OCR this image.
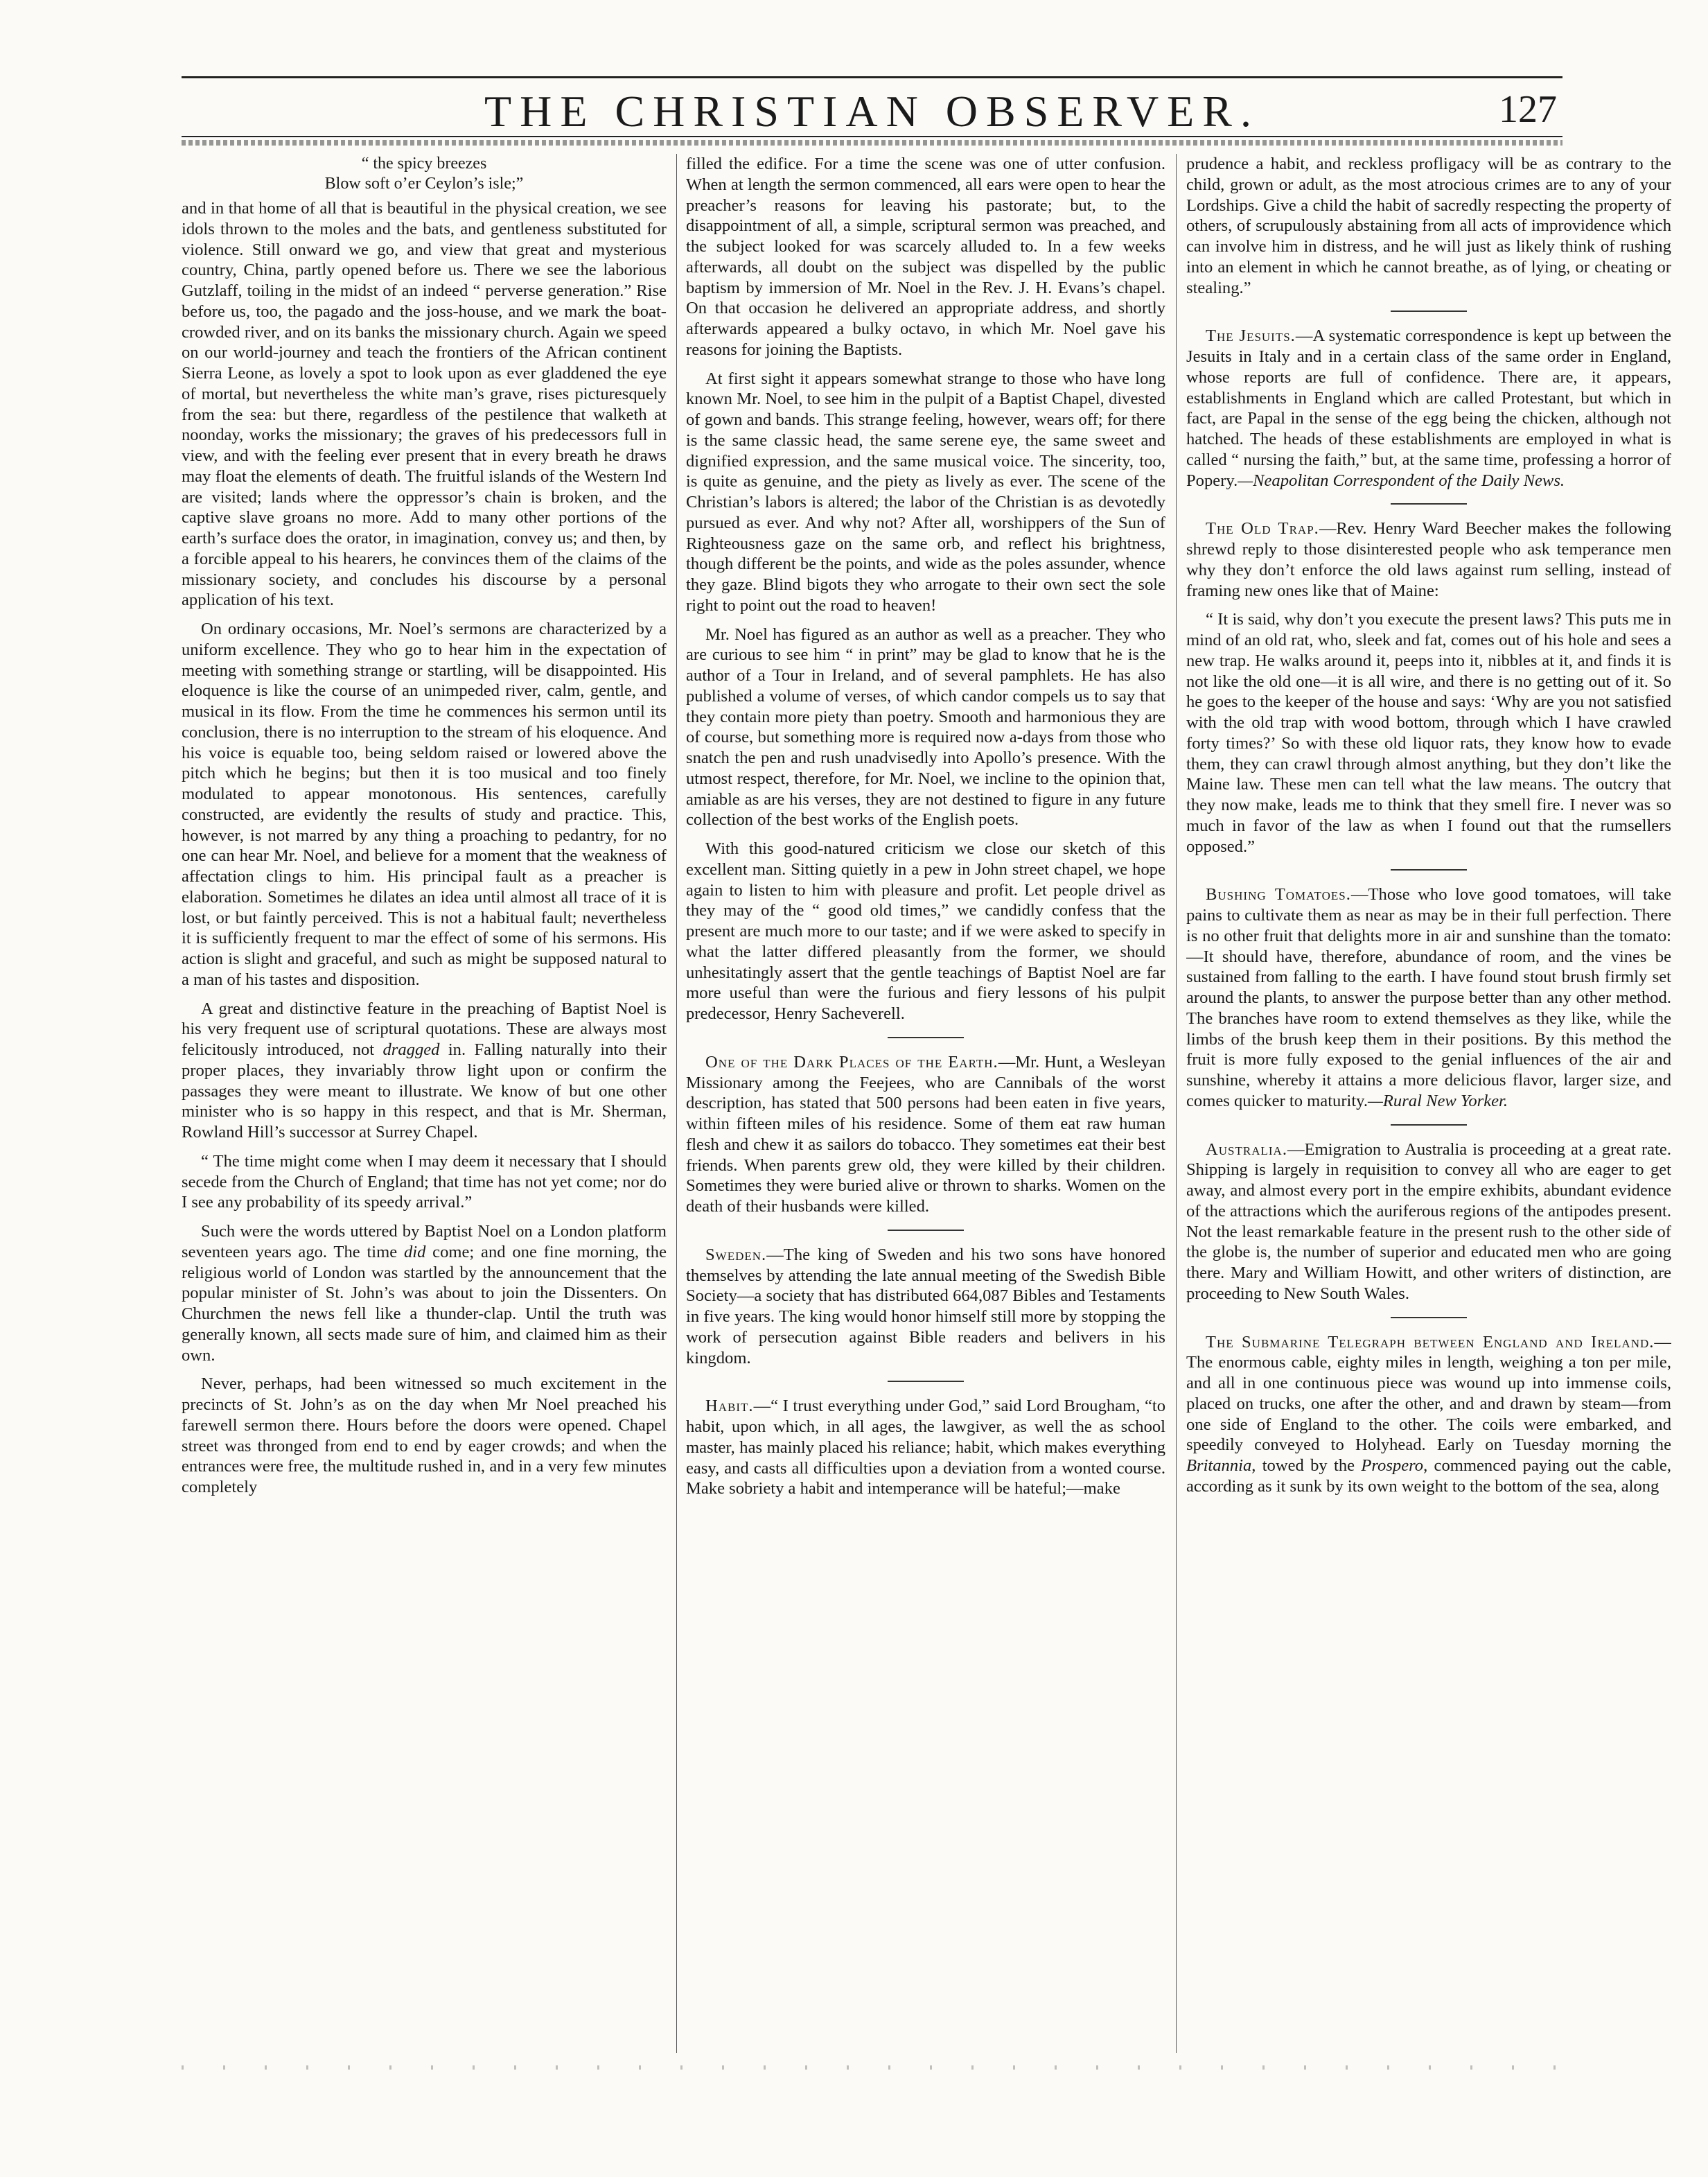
THE CHRISTIAN OBSERVER.	127
“ the spicy breezes
Blow soft o’er Ceylon’s isle;”

and in that home of all that is beautiful in the physical creation, we see idols thrown to the moles and the bats, and gentleness substituted for violence. Still onward we go, and view that great and mysterious country, China, partly opened before us. There we see the laborious Gutzlaff, toiling in the midst of an indeed “ perverse generation.” Rise before us, too, the pagado and the joss-house, and we mark the boat-crowded river, and on its banks the missionary church. Again we speed on our world-journey and teach the frontiers of the African continent Sierra Leone, as lovely a spot to look upon as ever gladdened the eye of mortal, but nevertheless the white man’s grave, rises picturesquely from the sea: but there, regardless of the pestilence that walketh at noonday, works the missionary; the graves of his predecessors full in view, and with the feeling ever present that in every breath he draws may float the elements of death. The fruitful islands of the Western Ind are visited; lands where the oppressor’s chain is broken, and the captive slave groans no more. Add to many other portions of the earth’s surface does the orator, in imagination, convey us; and then, by a forcible appeal to his hearers, he convinces them of the claims of the missionary society, and concludes his discourse by a personal application of his text.

On ordinary occasions, Mr. Noel’s sermons are characterized by a uniform excellence. They who go to hear him in the expectation of meeting with something strange or startling, will be disappointed. His eloquence is like the course of an unimpeded river, calm, gentle, and musical in its flow. From the time he commences his sermon until its conclusion, there is no interruption to the stream of his eloquence. And his voice is equable too, being seldom raised or lowered above the pitch which he begins; but then it is too musical and too finely modulated to appear monotonous. His sentences, carefully constructed, are evidently the results of study and practice. This, however, is not marred by any thing a proaching to pedantry, for no one can hear Mr. Noel, and believe for a moment that the weakness of affectation clings to him. His principal fault as a preacher is elaboration. Sometimes he dilates an idea until almost all trace of it is lost, or but faintly perceived. This is not a habitual fault; nevertheless it is sufficiently frequent to mar the effect of some of his sermons. His action is slight and graceful, and such as might be supposed natural to a man of his tastes and disposition.

A great and distinctive feature in the preaching of Baptist Noel is his very frequent use of scriptural quotations. These are always most felicitously introduced, not dragged in. Falling naturally into their proper places, they invariably throw light upon or confirm the passages they were meant to illustrate. We know of but one other minister who is so happy in this respect, and that is Mr. Sherman, Rowland Hill’s successor at Surrey Chapel.

“ The time might come when I may deem it necessary that I should secede from the Church of England; that time has not yet come; nor do I see any probability of its speedy arrival.”

Such were the words uttered by Baptist Noel on a London platform seventeen years ago. The time did come; and one fine morning, the religious world of London was startled by the announcement that the popular minister of St. John’s was about to join the Dissenters. On Churchmen the news fell like a thunder-clap. Until the truth was generally known, all sects made sure of him, and claimed him as their own.

Never, perhaps, had been witnessed so much excitement in the precincts of St. John’s as on the day when Mr Noel preached his farewell sermon there. Hours before the doors were opened. Chapel street was thronged from end to end by eager crowds; and when the entrances were free, the multitude rushed in, and in a very few minutes completely

filled the edifice. For a time the scene was one of utter confusion. When at length the sermon commenced, all ears were open to hear the preacher’s reasons for leaving his pastorate; but, to the disappointment of all, a simple, scriptural sermon was preached, and the subject looked for was scarcely alluded to. In a few weeks afterwards, all doubt on the subject was dispelled by the public baptism by immersion of Mr. Noel in the Rev. J. H. Evans’s chapel. On that occasion he delivered an appropriate address, and shortly afterwards appeared a bulky octavo, in which Mr. Noel gave his reasons for joining the Baptists.

At first sight it appears somewhat strange to those who have long known Mr. Noel, to see him in the pulpit of a Baptist Chapel, divested of gown and bands. This strange feeling, however, wears off; for there is the same classic head, the same serene eye, the same sweet and dignified expression, and the same musical voice. The sincerity, too, is quite as genuine, and the piety as lively as ever. The scene of the Christian’s labors is altered; the labor of the Christian is as devotedly pursued as ever. And why not? After all, worshippers of the Sun of Righteousness gaze on the same orb, and reflect his brightness, though different be the points, and wide as the poles assunder, whence they gaze. Blind bigots they who arrogate to their own sect the sole right to point out the road to heaven!

Mr. Noel has figured as an author as well as a preacher. They who are curious to see him “ in print” may be glad to know that he is the author of a Tour in Ireland, and of several pamphlets. He has also published a volume of verses, of which candor compels us to say that they contain more piety than poetry. Smooth and harmonious they are of course, but something more is required now a-days from those who snatch the pen and rush unadvisedly into Apollo’s presence. With the utmost respect, therefore, for Mr. Noel, we incline to the opinion that, amiable as are his verses, they are not destined to figure in any future collection of the best works of the English poets.

With this good-natured criticism we close our sketch of this excellent man. Sitting quietly in a pew in John street chapel, we hope again to listen to him with pleasure and profit. Let people drivel as they may of the “ good old times,” we candidly confess that the present are much more to our taste; and if we were asked to specify in what the latter differed pleasantly from the former, we should unhesitatingly assert that the gentle teachings of Baptist Noel are far more useful than were the furious and fiery lessons of his pulpit predecessor, Henry Sacheverell.

One of the Dark Places of the Earth.—Mr. Hunt, a Wesleyan Missionary among the Feejees, who are Cannibals of the worst description, has stated that 500 persons had been eaten in five years, within fifteen miles of his residence. Some of them eat raw human flesh and chew it as sailors do tobacco. They sometimes eat their best friends. When parents grew old, they were killed by their children. Sometimes they were buried alive or thrown to sharks. Women on the death of their husbands were killed.

Sweden.—The king of Sweden and his two sons have honored themselves by attending the late annual meeting of the Swedish Bible Society—a society that has distributed 664,087 Bibles and Testaments in five years. The king would honor himself still more by stopping the work of persecution against Bible readers and belivers in his kingdom.

Habit.—“ I trust everything under God,” said Lord Brougham, “to habit, upon which, in all ages, the lawgiver, as well the as school master, has mainly placed his reliance; habit, which makes everything easy, and casts all difficulties upon a deviation from a wonted course. Make sobriety a habit and intemperance will be hateful;—make

prudence a habit, and reckless profligacy will be as contrary to the child, grown or adult, as the most atrocious crimes are to any of your Lordships. Give a child the habit of sacredly respecting the property of others, of scrupulously abstaining from all acts of improvidence which can involve him in distress, and he will just as likely think of rushing into an element in which he cannot breathe, as of lying, or cheating or stealing.”

The Jesuits.—A systematic correspondence is kept up between the Jesuits in Italy and in a certain class of the same order in England, whose reports are full of confidence. There are, it appears, establishments in England which are called Protestant, but which in fact, are Papal in the sense of the egg being the chicken, although not hatched. The heads of these establishments are employed in what is called “ nursing the faith,” but, at the same time, professing a horror of Popery.—Neapolitan Correspondent of the Daily News.

The Old Trap.—Rev. Henry Ward Beecher makes the following shrewd reply to those disinterested people who ask temperance men why they don’t enforce the old laws against rum selling, instead of framing new ones like that of Maine:

“ It is said, why don’t you execute the present laws? This puts me in mind of an old rat, who, sleek and fat, comes out of his hole and sees a new trap. He walks around it, peeps into it, nibbles at it, and finds it is not like the old one—it is all wire, and there is no getting out of it. So he goes to the keeper of the house and says: ‘Why are you not satisfied with the old trap with wood bottom, through which I have crawled forty times?’ So with these old liquor rats, they know how to evade them, they can crawl through almost anything, but they don’t like the Maine law. These men can tell what the law means. The outcry that they now make, leads me to think that they smell fire. I never was so much in favor of the law as when I found out that the rumsellers opposed.”

Bushing Tomatoes.—Those who love good tomatoes, will take pains to cultivate them as near as may be in their full perfection. There is no other fruit that delights more in air and sunshine than the tomato:—It should have, therefore, abundance of room, and the vines be sustained from falling to the earth. I have found stout brush firmly set around the plants, to answer the purpose better than any other method. The branches have room to extend themselves as they like, while the limbs of the brush keep them in their positions. By this method the fruit is more fully exposed to the genial influences of the air and sunshine, whereby it attains a more delicious flavor, larger size, and comes quicker to maturity.—Rural New Yorker.

Australia.—Emigration to Australia is proceeding at a great rate. Shipping is largely in requisition to convey all who are eager to get away, and almost every port in the empire exhibits, abundant evidence of the attractions which the auriferous regions of the antipodes present. Not the least remarkable feature in the present rush to the other side of the globe is, the number of superior and educated men who are going there. Mary and William Howitt, and other writers of distinction, are proceeding to New South Wales.

The Submarine Telegraph between England and Ireland.—The enormous cable, eighty miles in length, weighing a ton per mile, and all in one continuous piece was wound up into immense coils, placed on trucks, one after the other, and and drawn by steam—from one side of England to the other. The coils were embarked, and speedily conveyed to Holyhead. Early on Tuesday morning the Britannia, towed by the Prospero, commenced paying out the cable, according as it sunk by its own weight to the bottom of the sea, along
